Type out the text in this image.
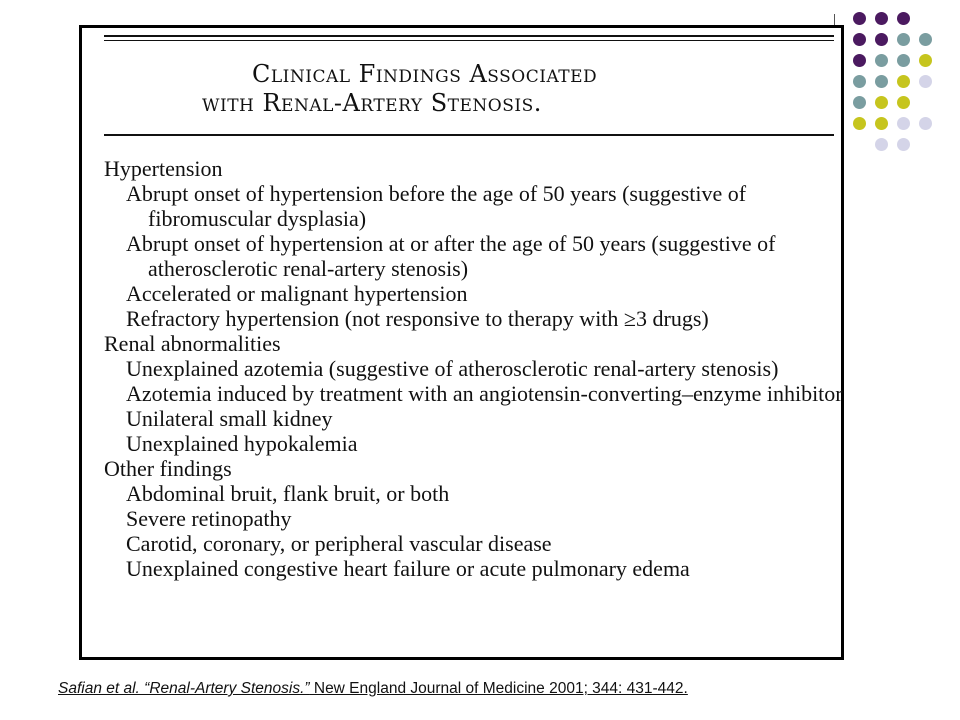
Clinical Findings Associated
with Renal-Artery Stenosis.
Hypertension
Abrupt onset of hypertension before the age of 50 years (suggestive of fibromuscular dysplasia)
Abrupt onset of hypertension at or after the age of 50 years (suggestive of atherosclerotic renal-artery stenosis)
Accelerated or malignant hypertension
Refractory hypertension (not responsive to therapy with ≥3 drugs)
Renal abnormalities
Unexplained azotemia (suggestive of atherosclerotic renal-artery stenosis)
Azotemia induced by treatment with an angiotensin-converting–enzyme inhibitor
Unilateral small kidney
Unexplained hypokalemia
Other findings
Abdominal bruit, flank bruit, or both
Severe retinopathy
Carotid, coronary, or peripheral vascular disease
Unexplained congestive heart failure or acute pulmonary edema
Safian et al. “Renal-Artery Stenosis.” New England Journal of Medicine 2001; 344: 431-442.
